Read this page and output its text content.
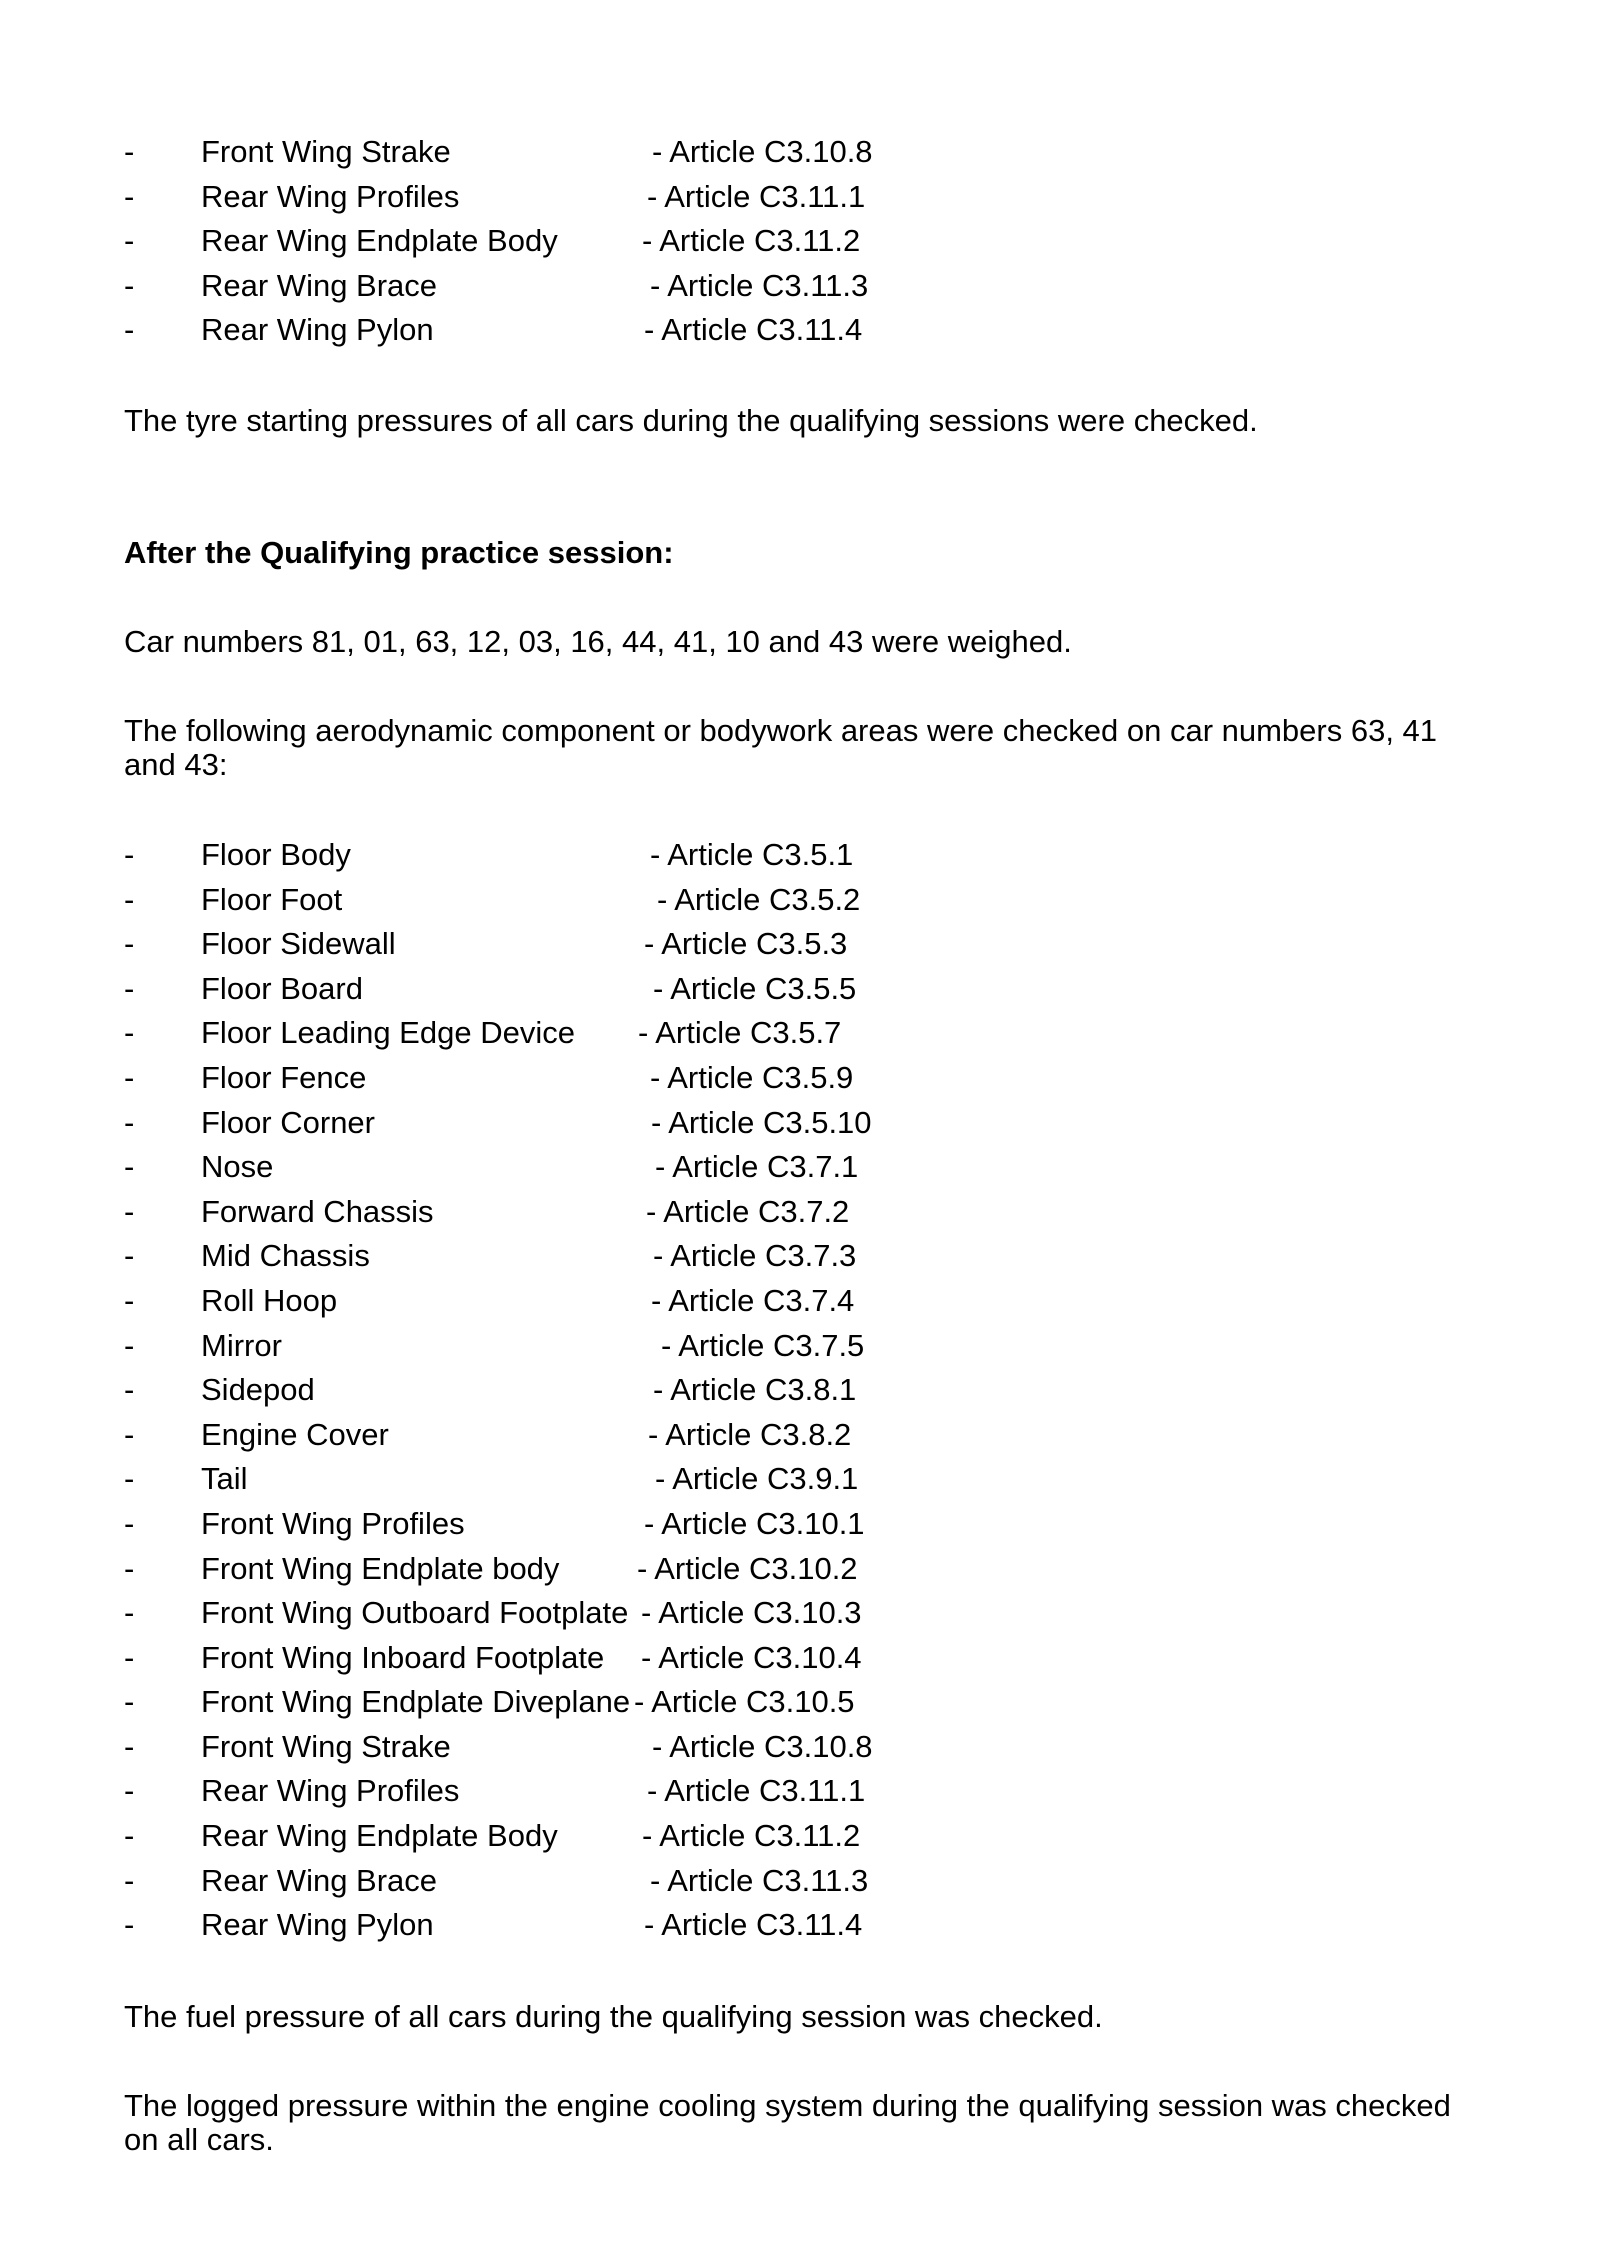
- Front Wing Strake	- Article C3.10.8
- Rear Wing Profiles	- Article C3.11.1
- Rear Wing Endplate Body	- Article C3.11.2
- Rear Wing Brace	- Article C3.11.3
- Rear Wing Pylon	- Article C3.11.4
The tyre starting pressures of all cars during the qualifying sessions were checked.
After the Qualifying practice session:
Car numbers 81, 01, 63, 12, 03, 16, 44, 41, 10 and 43 were weighed.
The following aerodynamic component or bodywork areas were checked on car numbers 63, 41 and 43:
- Floor Body	- Article C3.5.1
- Floor Foot	- Article C3.5.2
- Floor Sidewall	- Article C3.5.3
- Floor Board	- Article C3.5.5
- Floor Leading Edge Device - Article C3.5.7
- Floor Fence	- Article C3.5.9
- Floor Corner	- Article C3.5.10
- Nose	- Article C3.7.1
- Forward Chassis	- Article C3.7.2
- Mid Chassis	- Article C3.7.3
- Roll Hoop	- Article C3.7.4
- Mirror	- Article C3.7.5
- Sidepod	- Article C3.8.1
- Engine Cover	- Article C3.8.2
- Tail	- Article C3.9.1
- Front Wing Profiles	- Article C3.10.1
- Front Wing Endplate body	- Article C3.10.2
- Front Wing Outboard Footplate - Article C3.10.3
- Front Wing Inboard Footplate - Article C3.10.4
- Front Wing Endplate Diveplane - Article C3.10.5
- Front Wing Strake	- Article C3.10.8
- Rear Wing Profiles	- Article C3.11.1
- Rear Wing Endplate Body	- Article C3.11.2
- Rear Wing Brace	- Article C3.11.3
- Rear Wing Pylon	- Article C3.11.4
The fuel pressure of all cars during the qualifying session was checked.
The logged pressure within the engine cooling system during the qualifying session was checked on all cars.
